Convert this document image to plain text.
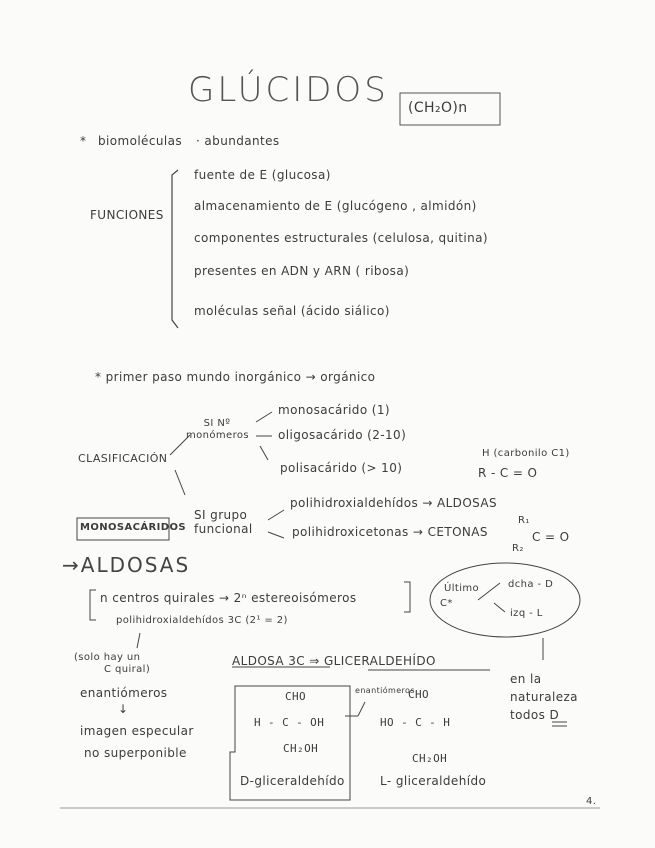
GLÚCIDOS (CH₂O)n
* biomoléculas · abundantes
FUNCIONES
fuente de E (glucosa)
almacenamiento de E (glucógeno , almidón)
componentes estructurales (celulosa, quitina)
presentes en ADN y ARN ( ribosa)
moléculas señal (ácido siálico)
* primer paso mundo inorgánico → orgánico
CLASIFICACIÓN
SI Nº monómeros
monosacárido (1)
oligosacárido (2-10)
polisacárido (> 10)
H (carbonilo C1)
R - C = O
SI grupo funcional
polihidroxialdehídos → ALDOSAS
polihidroxicetonas → CETONAS
R₁
R₂
C = O
MONOSACÁRIDOS
→ALDOSAS
n centros quirales → 2ⁿ estereoisómeros
polihidroxialdehídos 3C (2¹ = 2)
Último
C*
dcha - D
izq - L
(solo hay un
C quiral)
enantiómeros
↓
imagen especular
no superponible
ALDOSA 3C ⇒ GLICERALDEHÍDO
en la
naturaleza
todos D
CHO
H - C - OH
CH₂OH
D-gliceraldehído
enantiómeros
CHO
HO - C - H
CH₂OH
L- gliceraldehído
4.
